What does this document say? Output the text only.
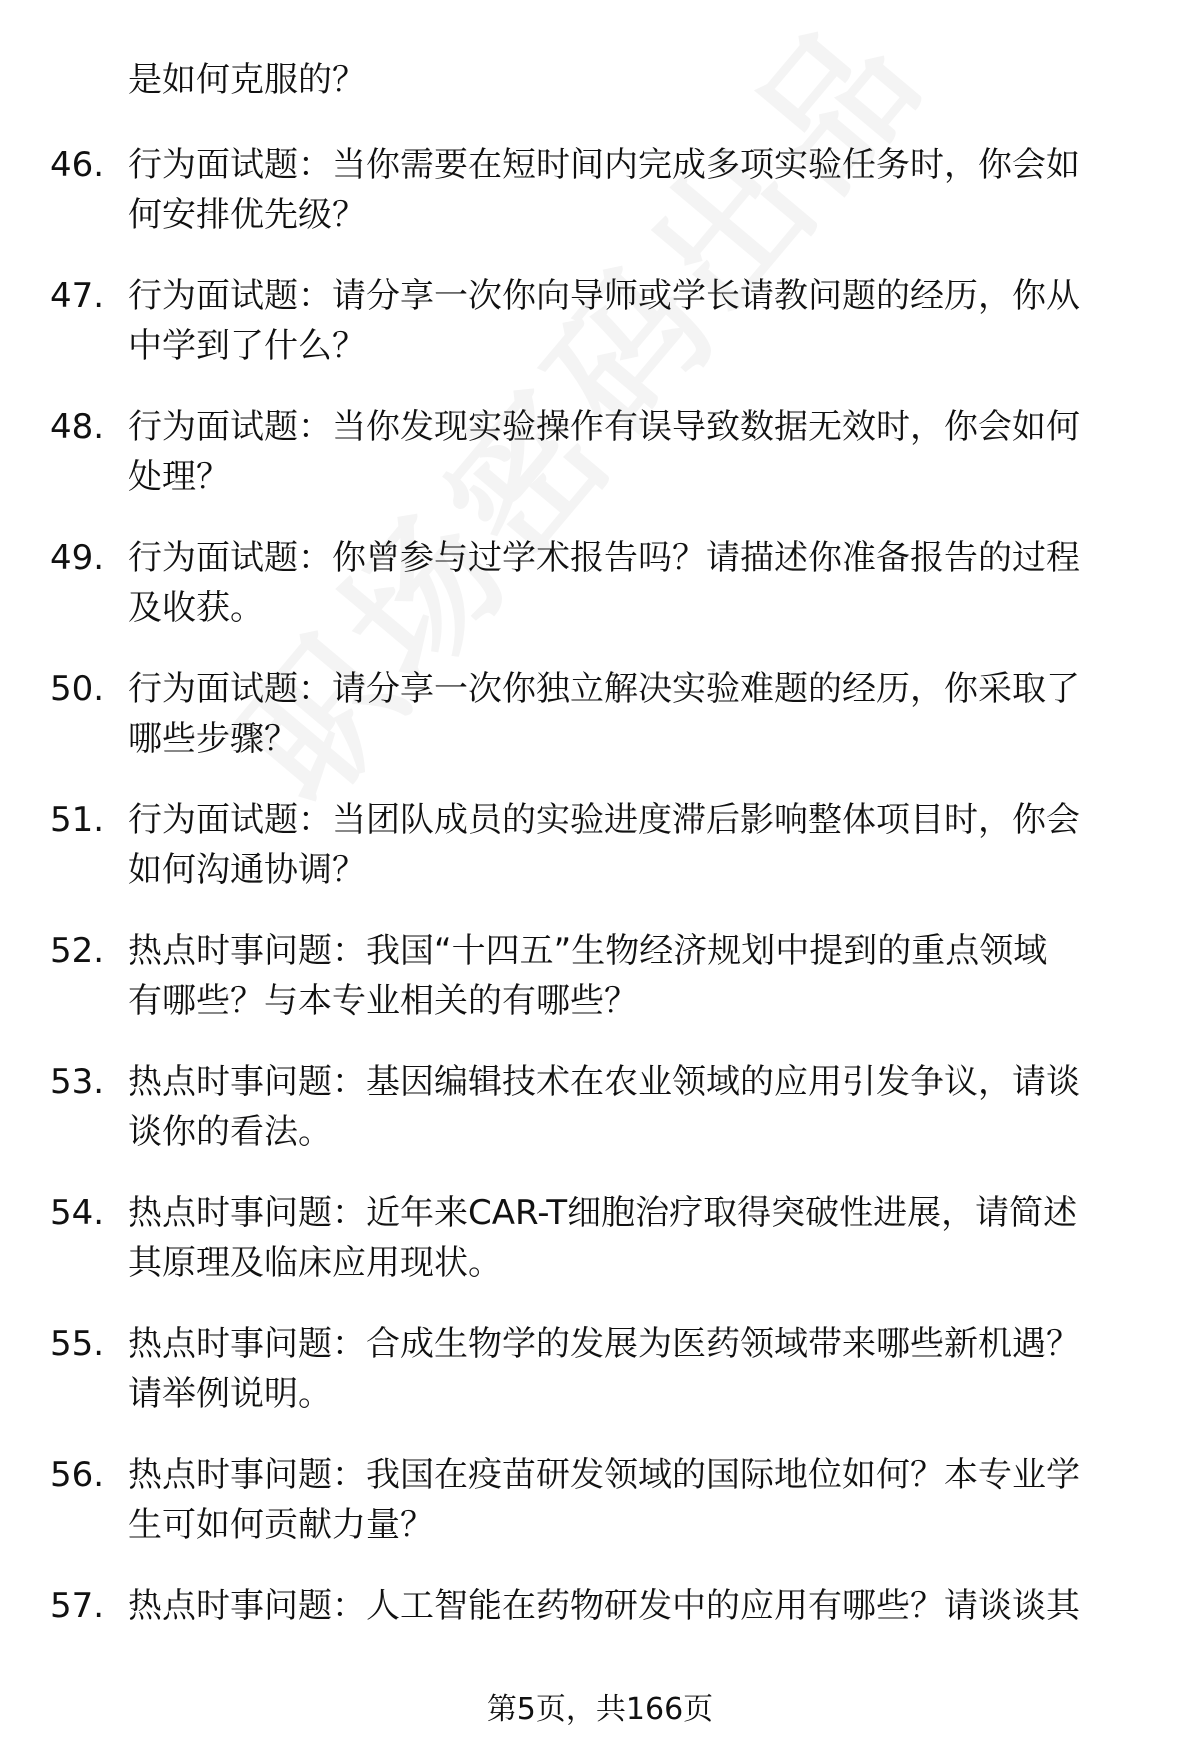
是如何克服的？
46. 行为面试题：当你需要在短时间内完成多项实验任务时，你会如
何安排优先级？
47. 行为面试题：请分享一次你向导师或学长请教问题的经历，你从
中学到了什么？
48. 行为面试题：当你发现实验操作有误导致数据无效时，你会如何
处理？
49. 行为面试题：你曾参与过学术报告吗？请描述你准备报告的过程
及收获。
50. 行为面试题：请分享一次你独立解决实验难题的经历，你采取了
哪些步骤？
51. 行为面试题：当团队成员的实验进度滞后影响整体项目时，你会
如何沟通协调？
52. 热点时事问题：我国“十四五”生物经济规划中提到的重点领域
有哪些？与本专业相关的有哪些？
53. 热点时事问题：基因编辑技术在农业领域的应用引发争议，请谈
谈你的看法。
54. 热点时事问题：近年来CAR-T细胞治疗取得突破性进展，请简述
其原理及临床应用现状。
55. 热点时事问题：合成生物学的发展为医药领域带来哪些新机遇？
请举例说明。
56. 热点时事问题：我国在疫苗研发领域的国际地位如何？本专业学
生可如何贡献力量？
57. 热点时事问题：人工智能在药物研发中的应用有哪些？请谈谈其
第5页，共166页
